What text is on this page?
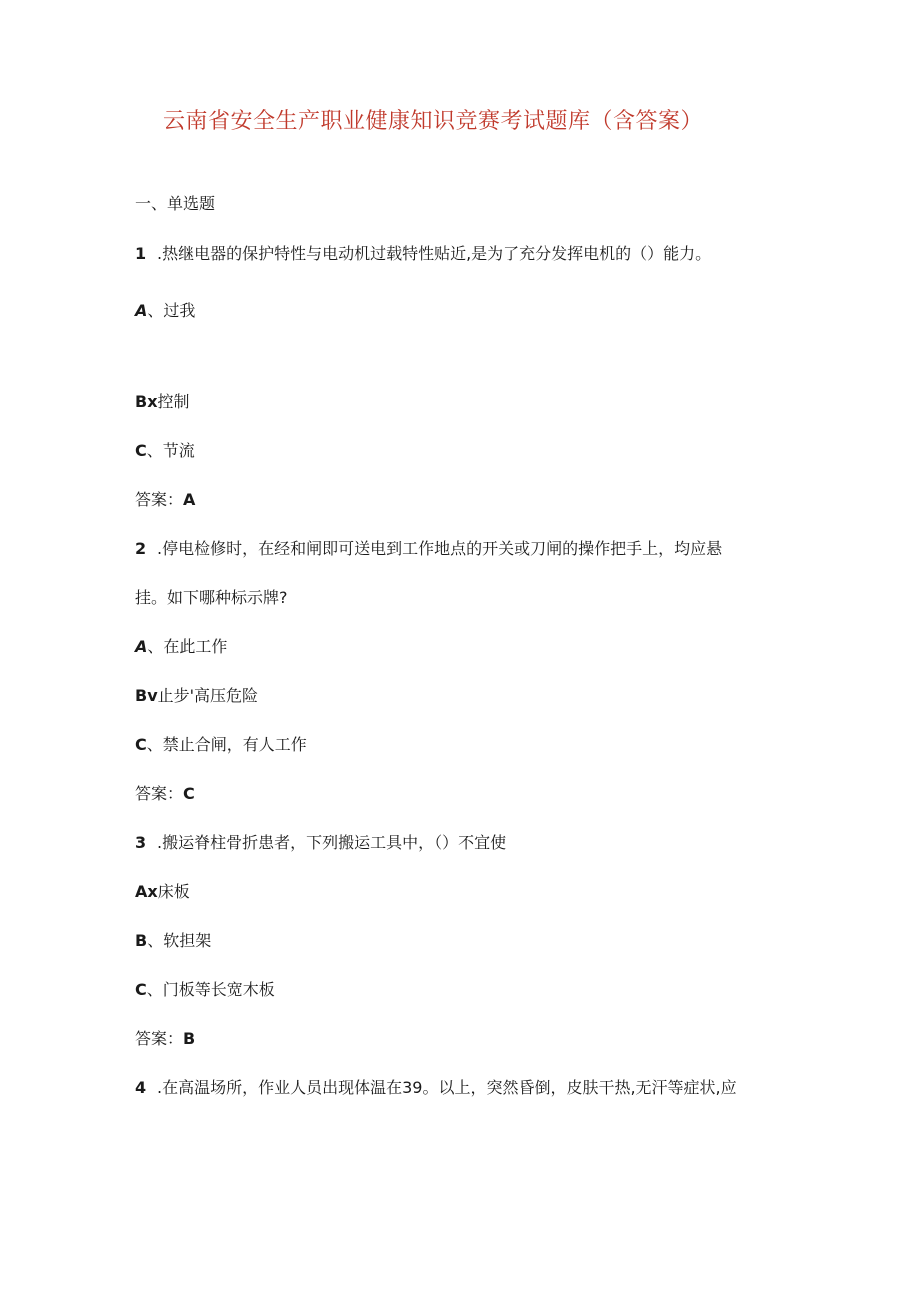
云南省安全生产职业健康知识竞赛考试题库（含答案）
一、单选题
1 .热继电器的保护特性与电动机过载特性贴近,是为了充分发挥电机的（）能力。
A、过我
Bx控制
C、节流
答案：A
2 .停电检修时，在经和闸即可送电到工作地点的开关或刀闸的操作把手上，均应悬
挂。如下哪种标示牌?
A、在此工作
Bv止步'高压危险
C、禁止合闸，有人工作
答案：C
3 .搬运脊柱骨折患者，下列搬运工具中，（）不宜使
Ax床板
B、软担架
C、门板等长宽木板
答案：B
4 .在高温场所，作业人员出现体温在39。以上，突然昏倒，皮肤干热,无汗等症状,应
